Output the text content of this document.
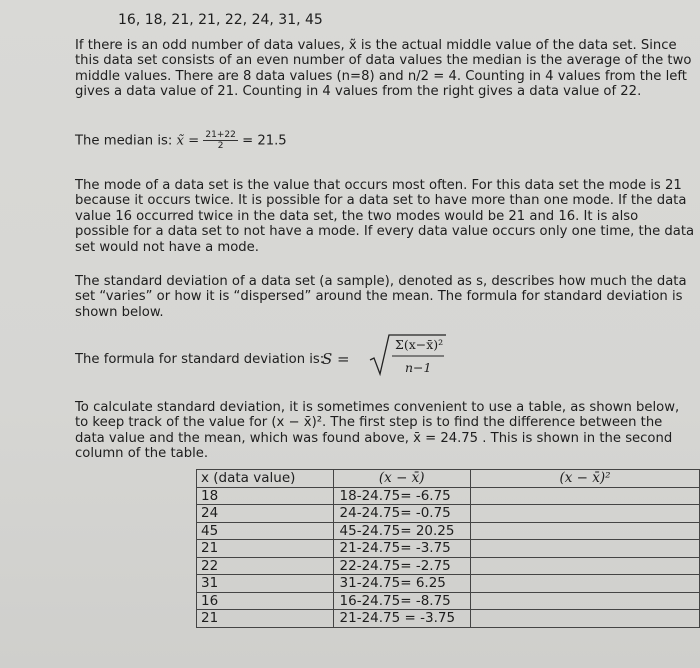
16, 18, 21, 21, 22, 24, 31, 45
If there is an odd number of data values, x̃ is the actual middle value of the data set. Since this data set consists of an even number of data values the median is the average of the two middle values. There are 8 data values (n=8) and n/2 = 4. Counting in 4 values from the left gives a data value of 21. Counting in 4 values from the right gives a data value of 22.
The median is: x̃ = $\frac{21+22}{2} = 21.5$
The mode of a data set is the value that occurs most often. For this data set the mode is 21 because it occurs twice. It is possible for a data set to have more than one mode. If the data value 16 occurred twice in the data set, the two modes would be 21 and 16. It is also possible for a data set to not have a mode. If every data value occurs only one time, the data set would not have a mode.
The standard deviation of a data set (a sample), denoted as s, describes how much the data set “varies” or how it is “dispersed” around the mean. The formula for standard deviation is shown below.
The formula for standard deviation is:
S =
Σ(x−x̄)²
n−1
To calculate standard deviation, it is sometimes convenient to use a table, as shown below, to keep track of the value for (x − x̄)². The first step is to find the difference between the data value and the mean, which was found above, x̄ = 24.75 . This is shown in the second column of the table.
x (data value)	(x − x̄)	(x − x̄)²
18	18-24.75= -6.75	
24	24-24.75= -0.75	
45	45-24.75= 20.25	
21	21-24.75= -3.75	
22	22-24.75= -2.75	
31	31-24.75= 6.25	
16	16-24.75= -8.75	
21	21-24.75 = -3.75	
